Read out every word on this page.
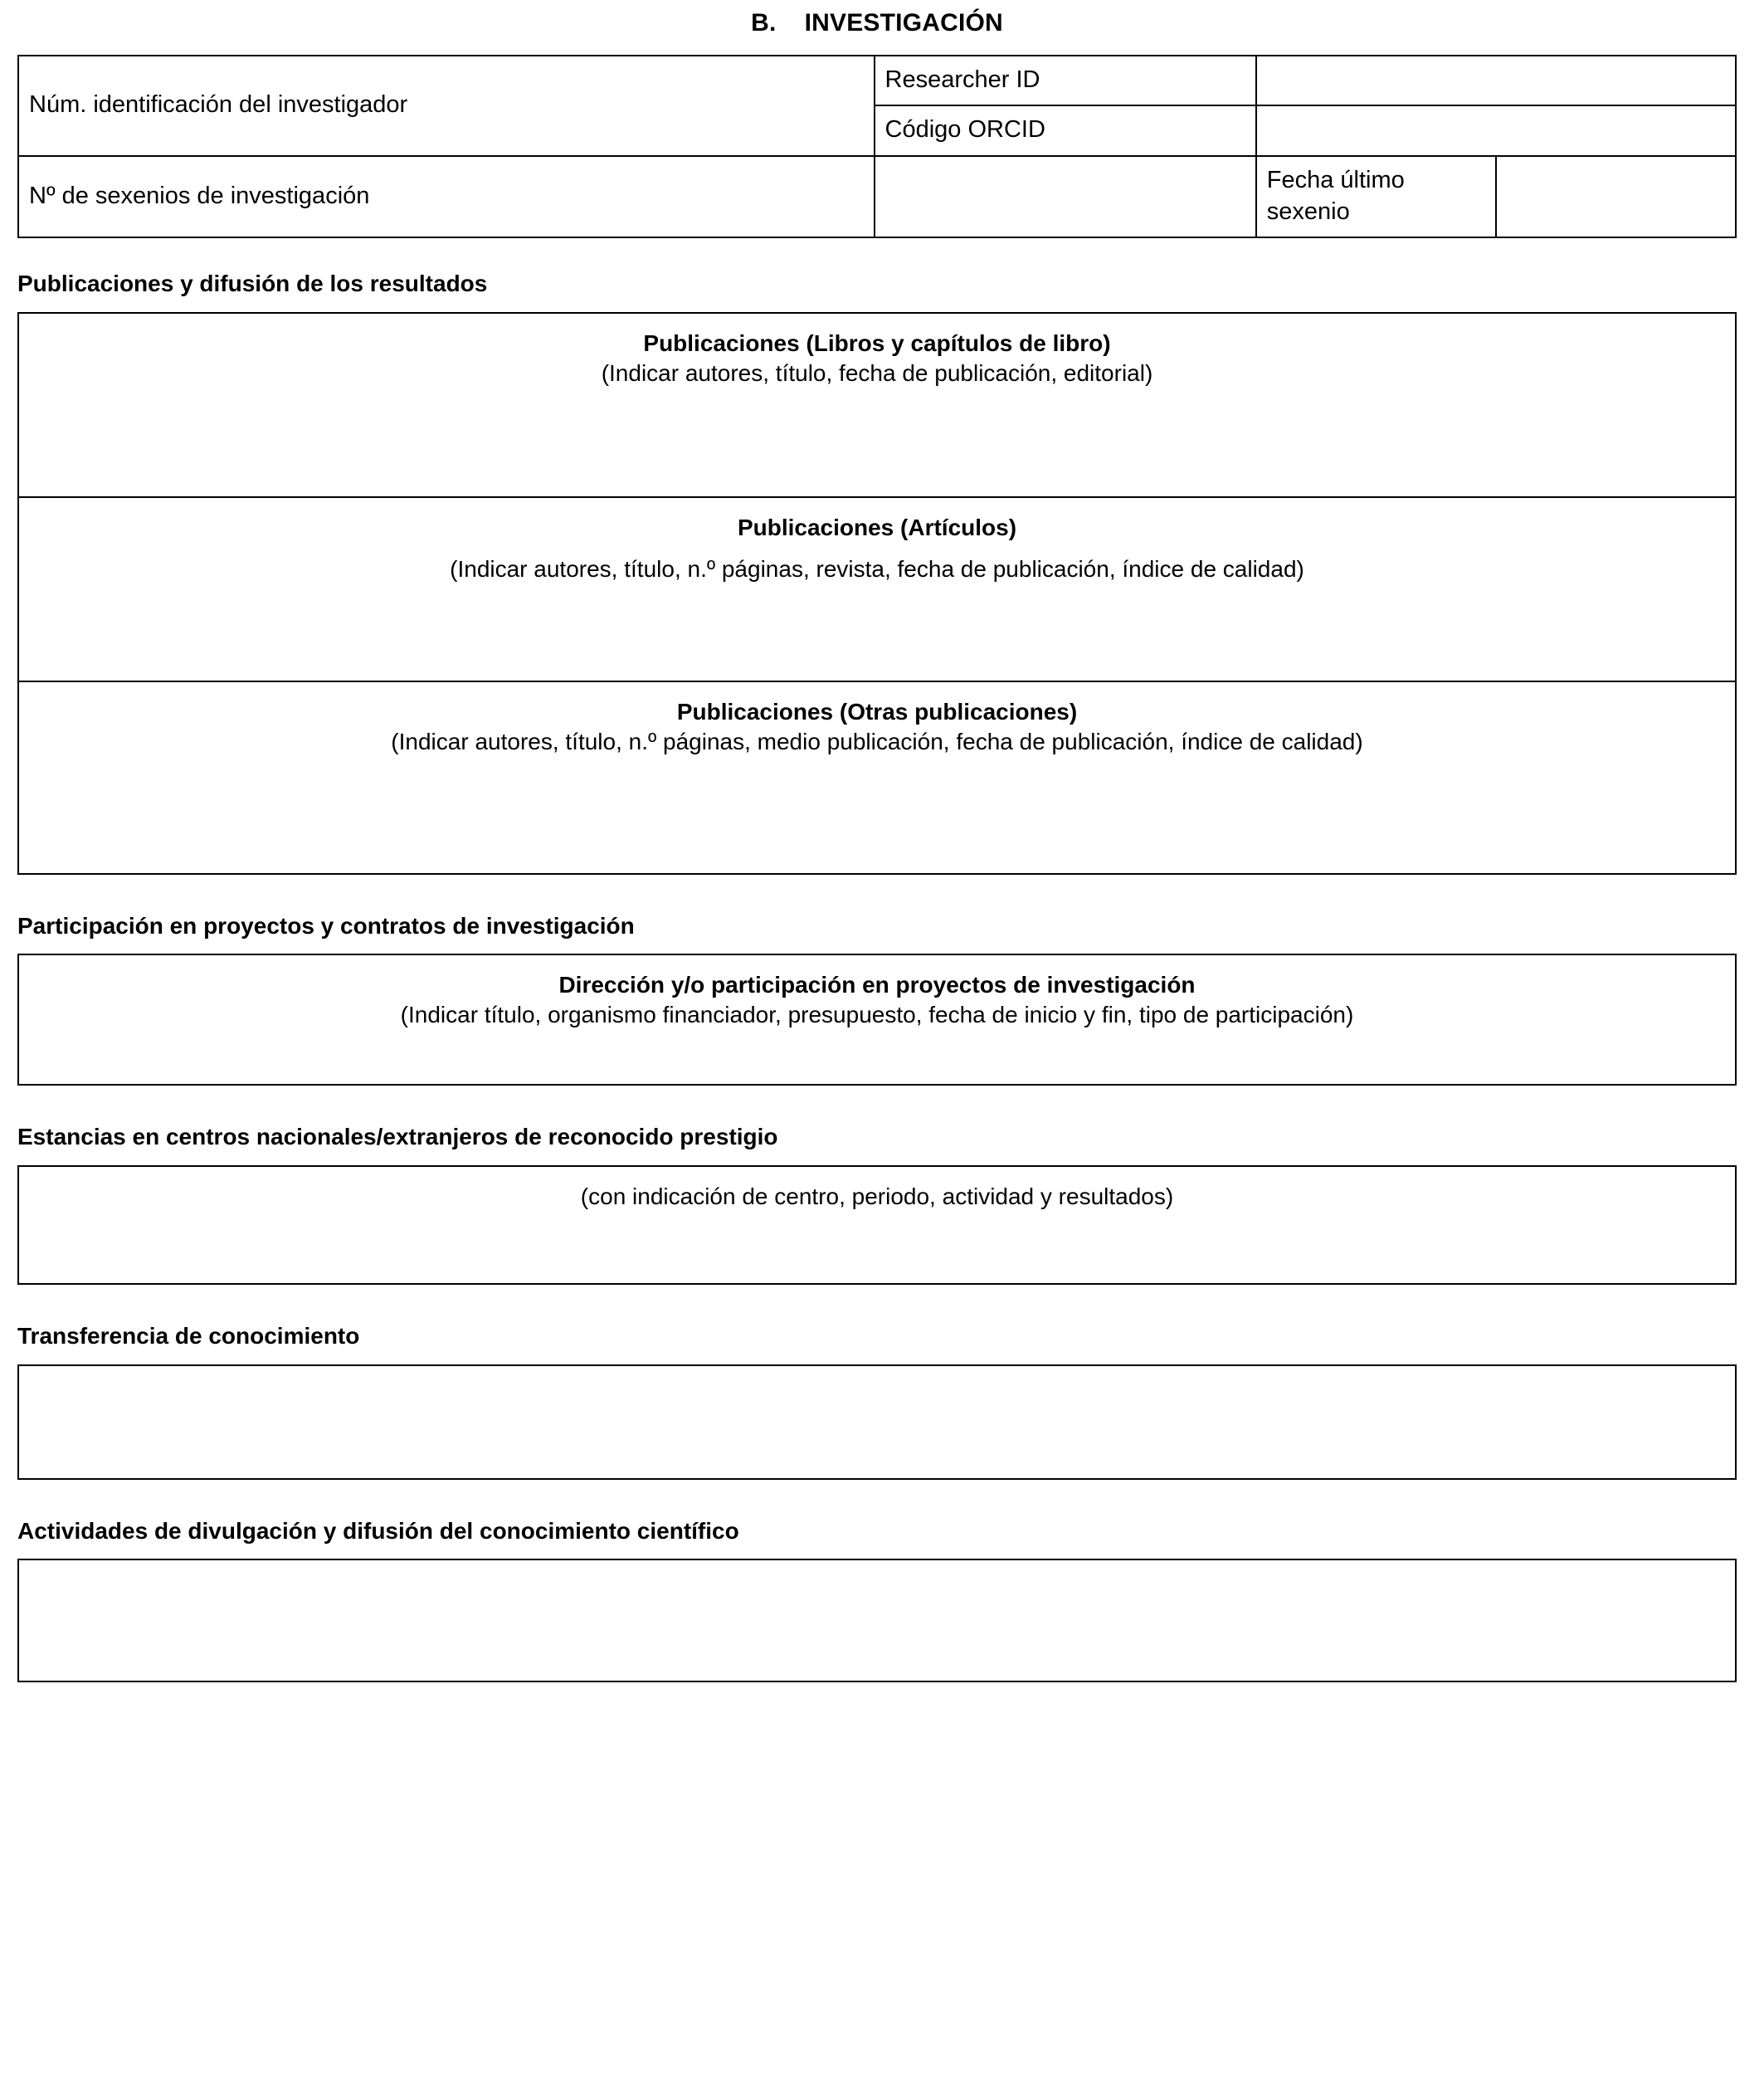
B.    INVESTIGACIÓN
Núm. identificación del investigador	Researcher ID		
	Código ORCID		
Nº de sexenios de investigación		Fecha último sexenio	
Publicaciones y difusión de los resultados
Publicaciones (Libros y capítulos de libro)
(Indicar autores, título, fecha de publicación, editorial)
Publicaciones (Artículos)
(Indicar autores, título, n.º páginas, revista, fecha de publicación, índice de calidad)
Publicaciones (Otras publicaciones)
(Indicar autores, título, n.º páginas, medio publicación, fecha de publicación, índice de calidad)
Participación en proyectos y contratos de investigación
Dirección y/o participación en proyectos de investigación
(Indicar título, organismo financiador, presupuesto, fecha de inicio y fin, tipo de participación)
Estancias en centros nacionales/extranjeros de reconocido prestigio
(con indicación de centro, periodo, actividad y resultados)
Transferencia de conocimiento
Actividades de divulgación y difusión del conocimiento científico
